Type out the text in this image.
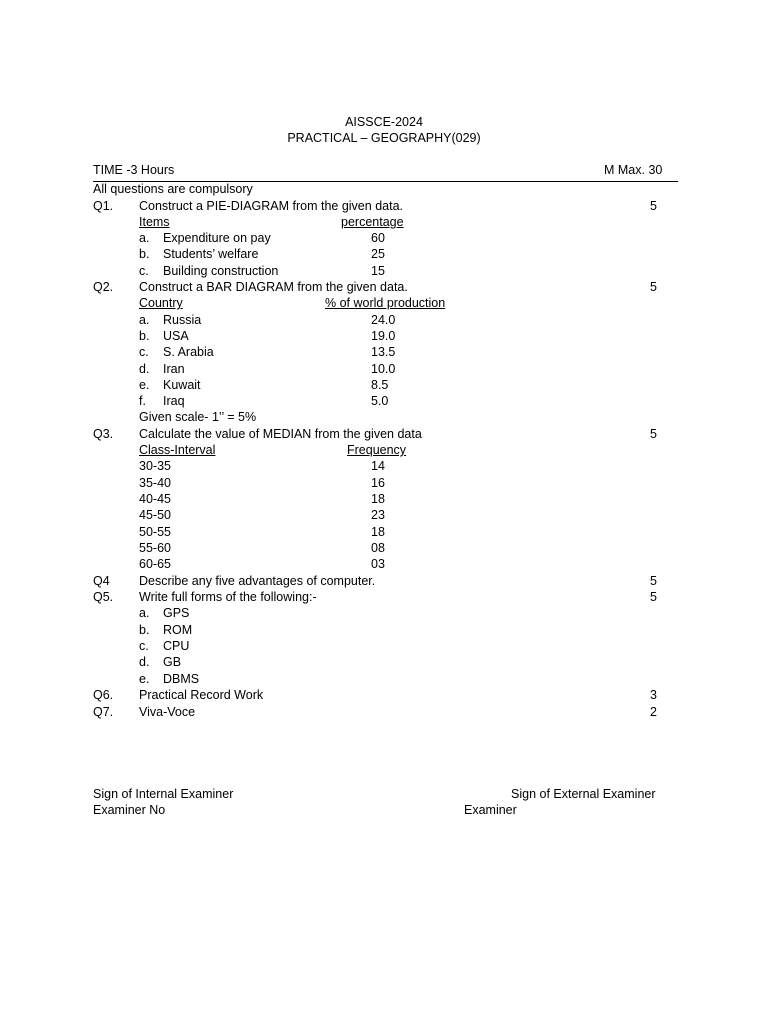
AISSCE-2024
PRACTICAL – GEOGRAPHY(029)
TIME -3 Hours	M Max. 30
All questions are compulsory
Q1. Construct a PIE-DIAGRAM from the given data.	5
Items	percentage
a. Expenditure on pay	60
b. Students’ welfare	25
c. Building construction	15
Q2. Construct a BAR DIAGRAM from the given data.	5
Country	% of world production
a. Russia	24.0
b. USA	19.0
c. S. Arabia	13.5
d. Iran	10.0
e. Kuwait	8.5
f. Iraq	5.0
Given scale- 1’’ = 5%
Q3. Calculate the value of MEDIAN from the given data	5
Class-Interval	Frequency
30-35	14
35-40	16
40-45	18
45-50	23
50-55	18
55-60	08
60-65	03
Q4 Describe any five advantages of computer.	5
Q5. Write full forms of the following:-	5
a. GPS
b. ROM
c. CPU
d. GB
e. DBMS
Q6. Practical Record Work	3
Q7. Viva-Voce	2
Sign of Internal Examiner
Examiner No
Sign of External Examiner
Examiner
